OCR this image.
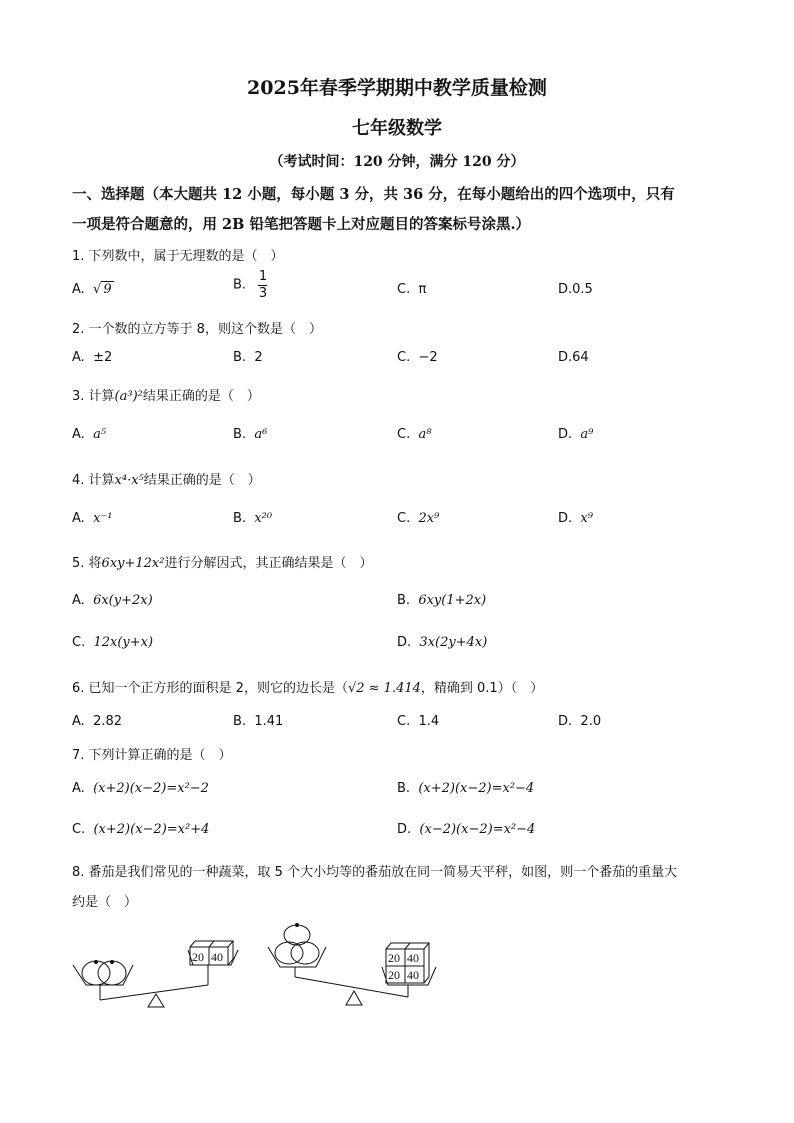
2025年春季学期期中教学质量检测
七年级数学
（考试时间：120 分钟，满分 120 分）
一、选择题（本大题共 12 小题，每小题 3 分，共 36 分，在每小题给出的四个选项中，只有
一项是符合题意的，用 2B 铅笔把答题卡上对应题目的答案标号涂黑.）
1. 下列数中，属于无理数的是（　）
A.  √ 9	B. $\frac{1}{3}$	C. π	D.0.5
2. 一个数的立方等于 8，则这个数是（　）
A. ±2	B. 2	C. −2	D.64
3. 计算(a³)²结果正确的是（　）
A. a⁵	B. a⁶	C. a⁸	D. a⁹
4. 计算x⁴·x⁵结果正确的是（　）
A. x⁻¹	B. x²⁰	C. 2x⁹	D. x⁹
5. 将6xy+12x²进行分解因式，其正确结果是（　）
A. 6x(y+2x)	B. 6xy(1+2x)
C. 12x(y+x)	D. 3x(2y+4x)
6. 已知一个正方形的面积是 2，则它的边长是（√2 ≈ 1.414，精确到 0.1）（　）
A. 2.82	B. 1.41	C. 1.4	D. 2.0
7. 下列计算正确的是（　）
A. (x+2)(x−2)=x²−2	B. (x+2)(x−2)=x²−4
C. (x+2)(x−2)=x²+4	D. (x−2)(x−2)=x²−4
8. 番茄是我们常见的一种蔬菜，取 5 个大小均等的番茄放在同一简易天平秤，如图，则一个番茄的重量大
约是（　）
20 40	20 40
20 40
